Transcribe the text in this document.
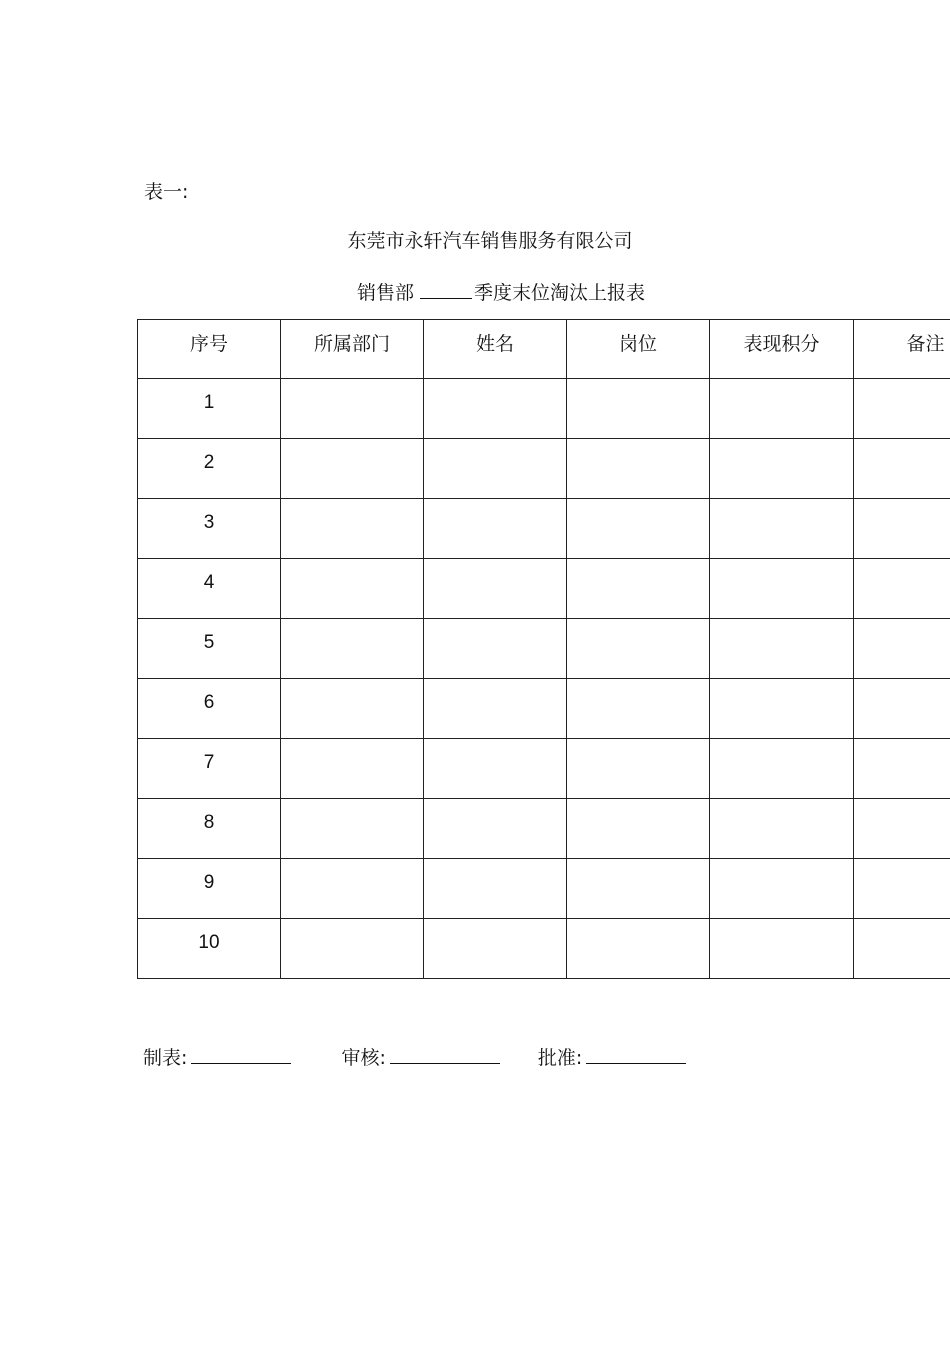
表一:
东莞市永轩汽车销售服务有限公司
销售部	季度末位淘汰上报表
序号	所属部门	姓名	岗位	表现积分	备注
1					
2					
3					
4					
5					
6					
7					
8					
9					
10					
制表:	审核:	批准:
